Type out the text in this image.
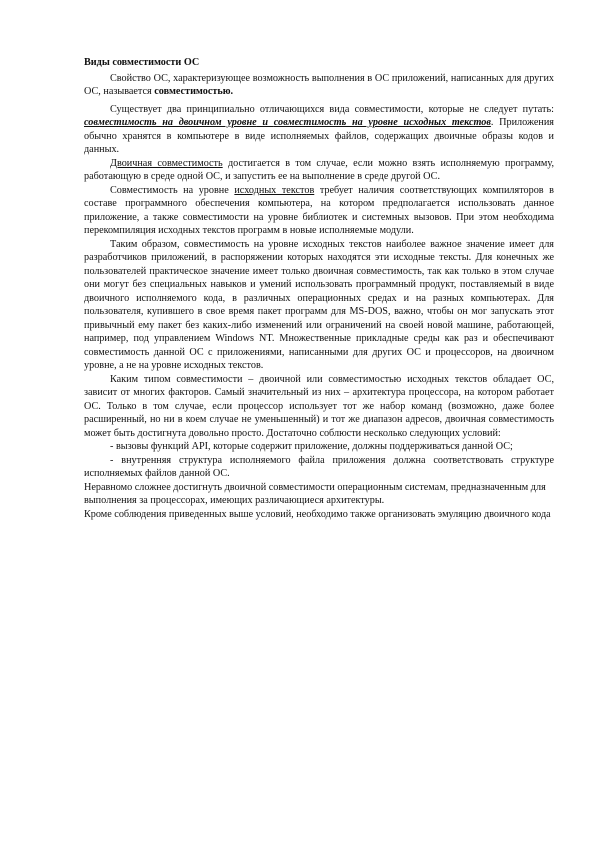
Виды совместимости ОС

Свойство ОС, характеризующее возможность выполнения в ОС приложений, написанных для других ОС, называется совместимостью.

Существует два принципиально отличающихся вида совместимости, которые не следует путать: совместимость на двоичном уровне и совместимость на уровне исходных текстов. Приложения обычно хранятся в компьютере в виде исполняемых файлов, содержащих двоичные образы кодов и данных.

Двоичная совместимость достигается в том случае, если можно взять исполняемую программу, работающую в среде одной ОС, и запустить ее на выполнение в среде другой ОС.

Совместимость на уровне исходных текстов требует наличия соответствующих компиляторов в составе программного обеспечения компьютера, на котором предполагается использовать данное приложение, а также совместимости на уровне библиотек и системных вызовов. При этом необходима перекомпиляция исходных текстов программ в новые исполняемые модули.

Таким образом, совместимость на уровне исходных текстов наиболее важное значение имеет для разработчиков приложений, в распоряжении которых находятся эти исходные тексты. Для конечных же пользователей практическое значение имеет только двоичная совместимость, так как только в этом случае они могут без специальных навыков и умений использовать программный продукт, поставляемый в виде двоичного исполняемого кода, в различных операционных средах и на разных компьютерах. Для пользователя, купившего в свое время пакет программ для MS-DOS, важно, чтобы он мог запускать этот привычный ему пакет без каких-либо изменений или ограничений на своей новой машине, работающей, например, под управлением Windows NT. Множественные прикладные среды как раз и обеспечивают совместимость данной ОС с приложениями, написанными для других ОС и процессоров, на двоичном уровне, а не на уровне исходных текстов.

Каким типом совместимости – двоичной или совместимостью исходных текстов обладает ОС, зависит от многих факторов. Самый значительный из них – архитектура процессора, на котором работает ОС. Только в том случае, если процессор использует тот же набор команд (возможно, даже более расширенный, но ни в коем случае не уменьшенный) и тот же диапазон адресов, двоичная совместимость может быть достигнута довольно просто. Достаточно соблюсти несколько следующих условий:

- вызовы функций API, которые содержит приложение, должны поддерживаться данной ОС;

- внутренняя структура исполняемого файла приложения должна соответствовать структуре исполняемых файлов данной ОС.

Неравномо сложнее достигнуть двоичной совместимости операционным системам, предназначенным для выполнения за процессорах, имеющих различающиеся архитектуры.

Кроме соблюдения приведенных выше условий, необходимо также организовать эмуляцию двоичного кода
